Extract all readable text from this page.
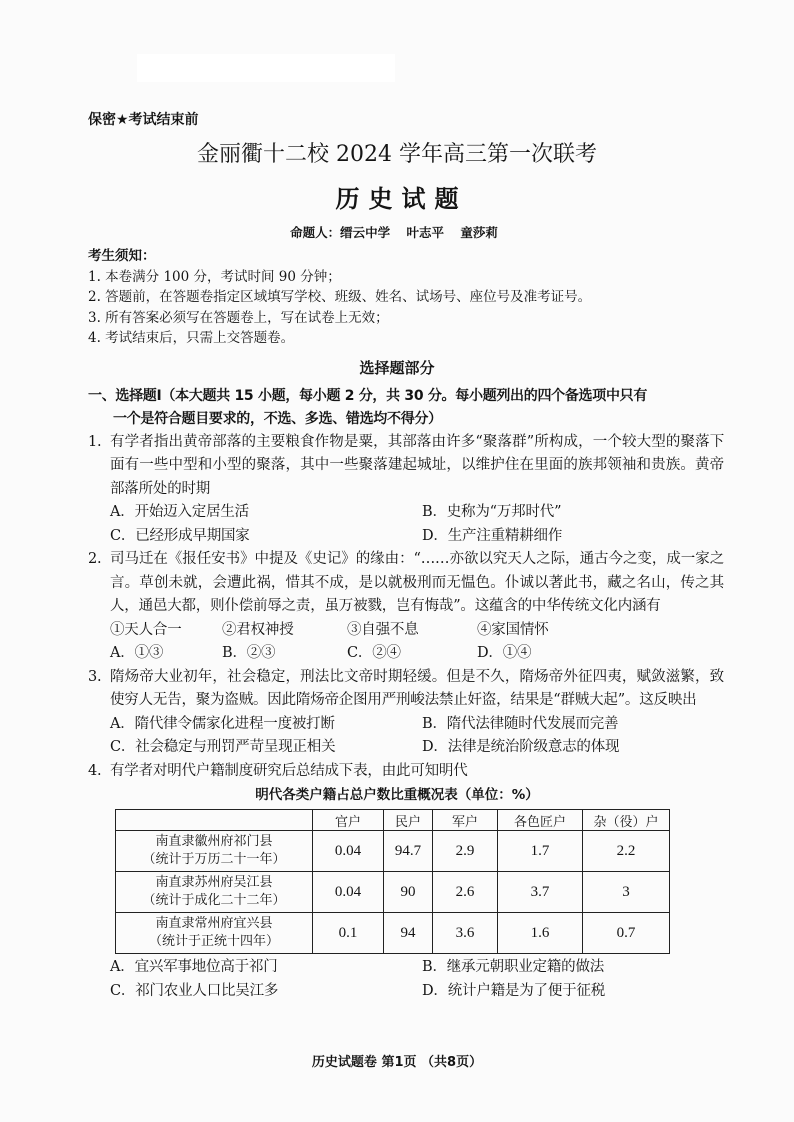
保密★考试结束前
金丽衢十二校 2024 学年高三第一次联考
历史试题
命题人：缙云中学 叶志平 童莎莉
考生须知：
1. 本卷满分 100 分，考试时间 90 分钟；
2. 答题前，在答题卷指定区域填写学校、班级、姓名、试场号、座位号及准考证号。
3. 所有答案必须写在答题卷上，写在试卷上无效；
4. 考试结束后，只需上交答题卷。
选择题部分
一、选择题Ⅰ（本大题共 15 小题，每小题 2 分，共 30 分。每小题列出的四个备选项中只有
一个是符合题目要求的，不选、多选、错选均不得分）
1. 有学者指出黄帝部落的主要粮食作物是粟，其部落由许多“聚落群”所构成，一个较大型的聚落下面有一些中型和小型的聚落，其中一些聚落建起城址，以维护住在里面的族邦领袖和贵族。黄帝部落所处的时期
A．开始迈入定居生活	B．史称为“万邦时代”
C．已经形成早期国家	D．生产注重精耕细作
2. 司马迁在《报任安书》中提及《史记》的缘由：“……亦欲以究天人之际，通古今之变，成一家之言。草创未就，会遭此祸，惜其不成，是以就极刑而无愠色。仆诚以著此书，藏之名山，传之其人，通邑大都，则仆偿前辱之责，虽万被戮，岂有悔哉”。这蕴含的中华传统文化内涵有
①天人合一	②君权神授	③自强不息	④家国情怀
A．①③	B．②③	C．②④	D．①④
3. 隋炀帝大业初年，社会稳定，刑法比文帝时期轻缓。但是不久，隋炀帝外征四夷，赋敛滋繁，致使穷人无告，聚为盗贼。因此隋炀帝企图用严刑峻法禁止奸盗，结果是“群贼大起”。这反映出
A．隋代律令儒家化进程一度被打断	B．隋代法律随时代发展而完善
C．社会稳定与刑罚严苛呈现正相关	D．法律是统治阶级意志的体现
4. 有学者对明代户籍制度研究后总结成下表，由此可知明代
明代各类户籍占总户数比重概况表（单位：%）
	官户	民户	军户	各色匠户	杂（役）户

南直隶徽州府祁门县
（统计于万历二十一年）	0.04	94.7	2.9	1.7	2.2

南直隶苏州府吴江县
（统计于成化二十二年）	0.04	90	2.6	3.7	3

南直隶常州府宜兴县
（统计于正统十四年）	0.1	94	3.6	1.6	0.7
A．宜兴军事地位高于祁门	B．继承元朝职业定籍的做法
C．祁门农业人口比吴江多	D．统计户籍是为了便于征税
历史试题卷 第1页 （共8页）
